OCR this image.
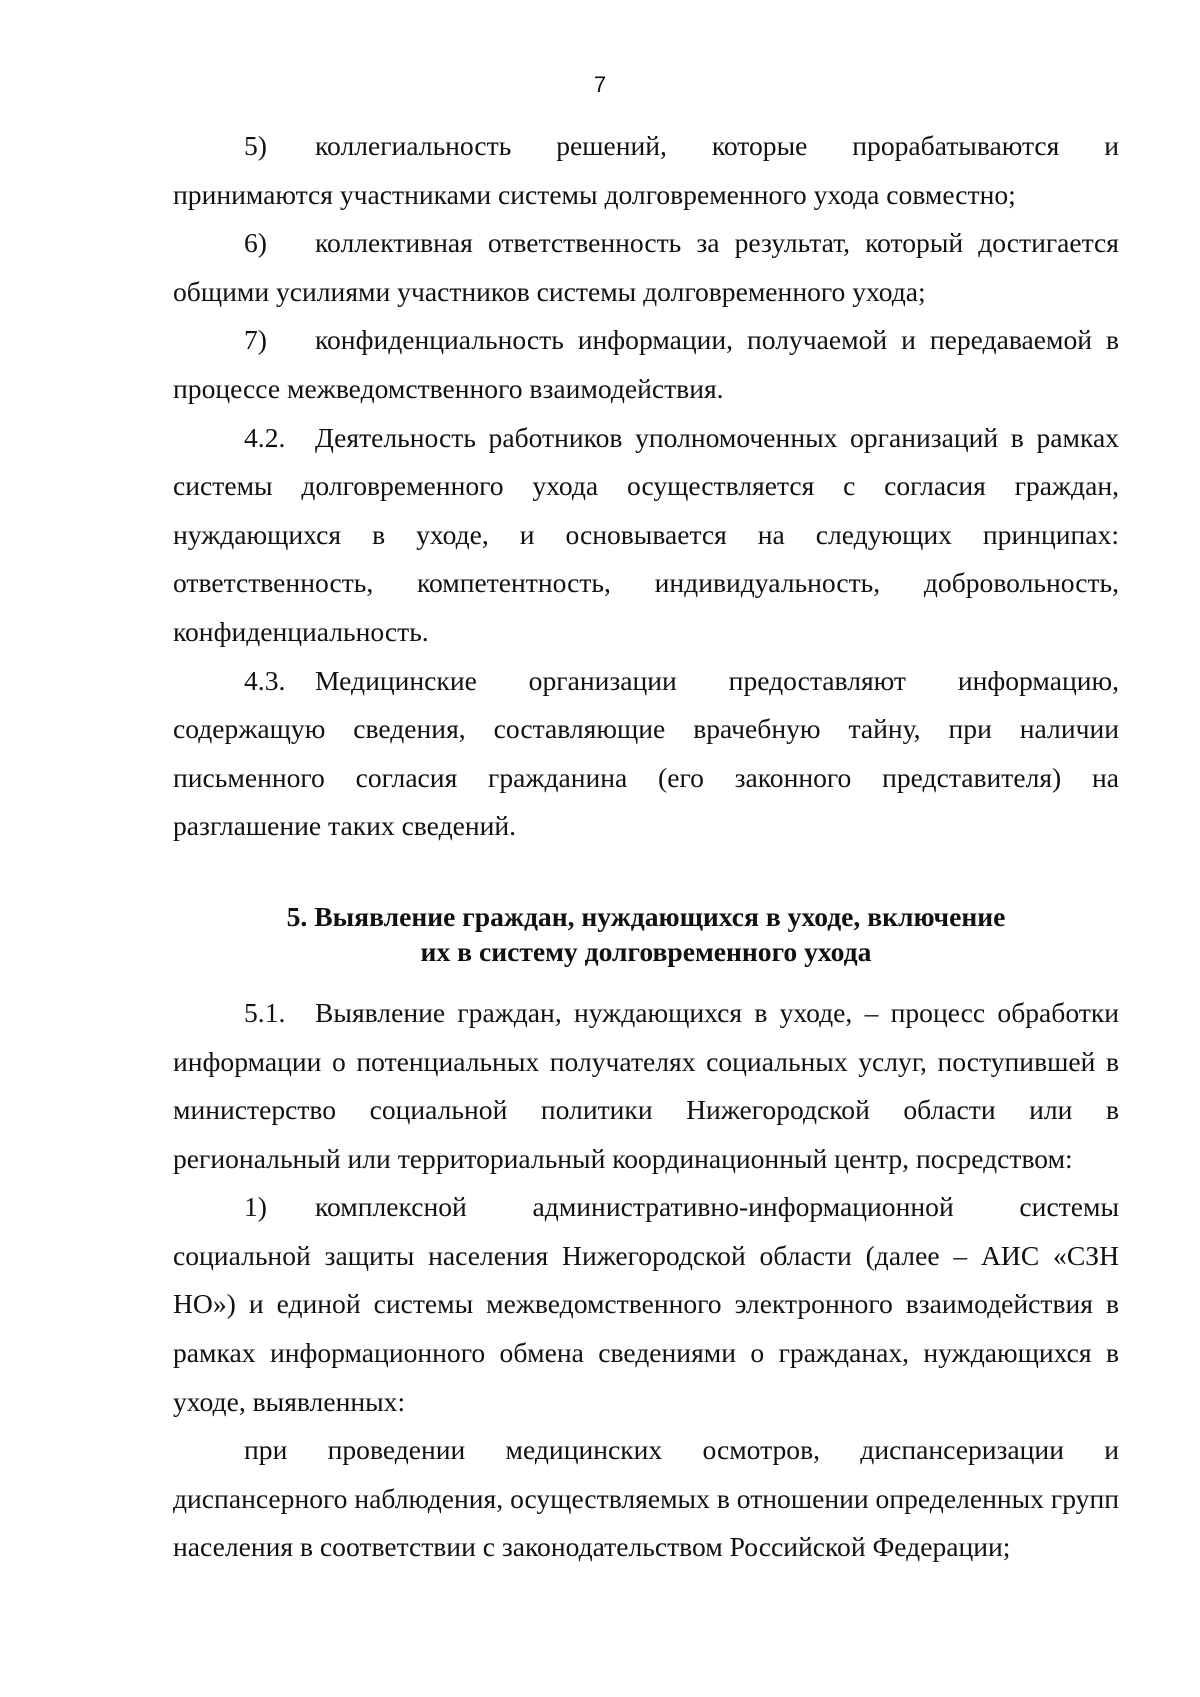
7

5) коллегиальность решений, которые прорабатываются и принимаются участниками системы долговременного ухода совместно;

6) коллективная ответственность за результат, который достигается общими усилиями участников системы долговременного ухода;

7) конфиденциальность информации, получаемой и передаваемой в процессе межведомственного взаимодействия.

4.2. Деятельность работников уполномоченных организаций в рамках системы долговременного ухода осуществляется с согласия граждан, нуждающихся в уходе, и основывается на следующих принципах: ответственность, компетентность, индивидуальность, добровольность, конфиденциальность.

4.3. Медицинские организации предоставляют информацию, содержащую сведения, составляющие врачебную тайну, при наличии письменного согласия гражданина (его законного представителя) на разглашение таких сведений.

5. Выявление граждан, нуждающихся в уходе, включение
их в систему долговременного ухода

5.1. Выявление граждан, нуждающихся в уходе, – процесс обработки информации о потенциальных получателях социальных услуг, поступившей в министерство социальной политики Нижегородской области или в региональный или территориальный координационный центр, посредством:

1) комплексной административно-информационной системы социальной защиты населения Нижегородской области (далее – АИС «СЗН НО») и единой системы межведомственного электронного взаимодействия в рамках информационного обмена сведениями о гражданах, нуждающихся в уходе, выявленных:

при проведении медицинских осмотров, диспансеризации и диспансерного наблюдения, осуществляемых в отношении определенных групп населения в соответствии с законодательством Российской Федерации;
